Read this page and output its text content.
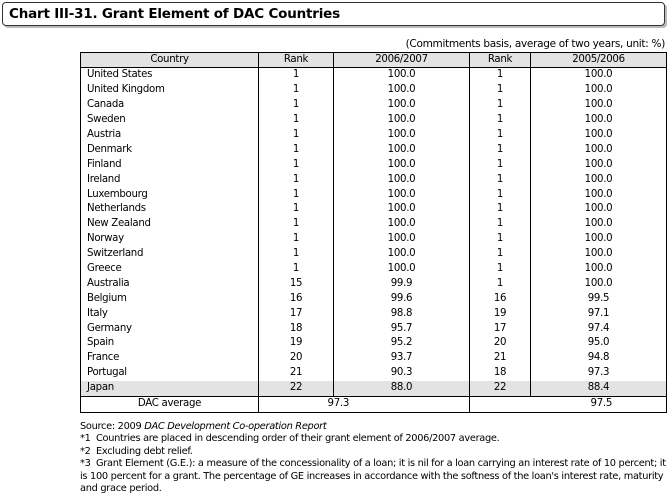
Chart III-31. Grant Element of DAC Countries
(Commitments basis, average of two years, unit: %)
Country	Rank	2006/2007	Rank	2005/2006
United States	1	100.0	1	100.0
United Kingdom	1	100.0	1	100.0
Canada	1	100.0	1	100.0
Sweden	1	100.0	1	100.0
Austria	1	100.0	1	100.0
Denmark	1	100.0	1	100.0
Finland	1	100.0	1	100.0
Ireland	1	100.0	1	100.0
Luxembourg	1	100.0	1	100.0
Netherlands	1	100.0	1	100.0
New Zealand	1	100.0	1	100.0
Norway	1	100.0	1	100.0
Switzerland	1	100.0	1	100.0
Greece	1	100.0	1	100.0
Australia	15	99.9	1	100.0
Belgium	16	99.6	16	99.5
Italy	17	98.8	19	97.1
Germany	18	95.7	17	97.4
Spain	19	95.2	20	95.0
France	20	93.7	21	94.8
Portugal	21	90.3	18	97.3
Japan	22	88.0	22	88.4
DAC average	97.3		97.5	
Source: 2009 DAC Development Co-operation Report
*1 Countries are placed in descending order of their grant element of 2006/2007 average.
*2 Excluding debt relief.
*3 Grant Element (G.E.): a measure of the concessionality of a loan; it is nil for a loan carrying an interest rate of 10 percent; it is 100 percent for a grant. The percentage of GE increases in accordance with the softness of the loan's interest rate, maturity and grace period.
